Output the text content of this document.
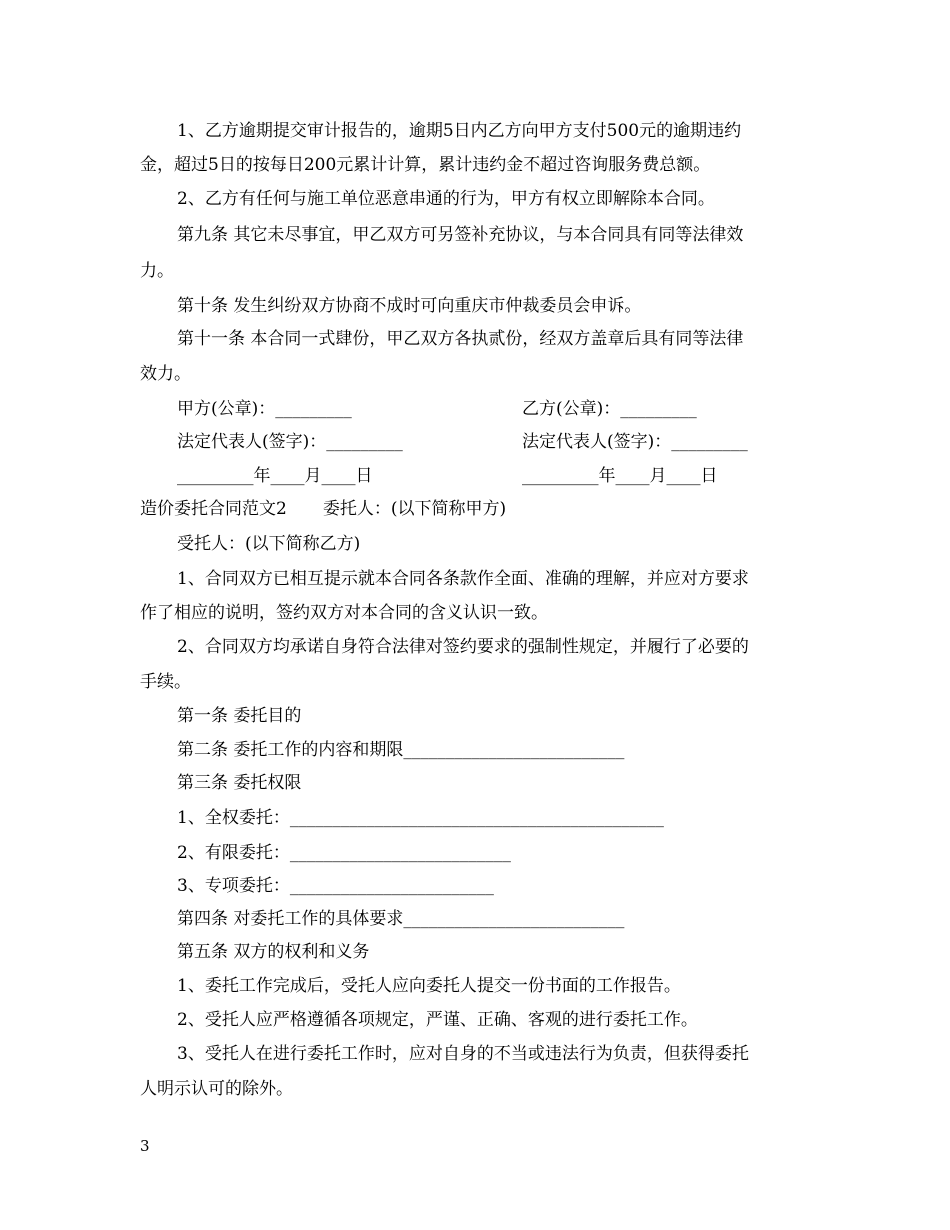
1、乙方逾期提交审计报告的，逾期5日内乙方向甲方支付500元的逾期违约
金，超过5日的按每日200元累计计算，累计违约金不超过咨询服务费总额。
2、乙方有任何与施工单位恶意串通的行为，甲方有权立即解除本合同。
第九条 其它未尽事宜，甲乙双方可另签补充协议，与本合同具有同等法律效
力。
第十条 发生纠纷双方协商不成时可向重庆市仲裁委员会申诉。
第十一条 本合同一式肆份，甲乙双方各执贰份，经双方盖章后具有同等法律
效力。
甲方(公章)：_________	乙方(公章)：_________
法定代表人(签字)：_________	法定代表人(签字)：_________
_________年____月____日	_________年____月____日
造价委托合同范文2 委托人：(以下简称甲方)
受托人：(以下简称乙方)
1、合同双方已相互提示就本合同各条款作全面、准确的理解，并应对方要求
作了相应的说明，签约双方对本合同的含义认识一致。
2、合同双方均承诺自身符合法律对签约要求的强制性规定，并履行了必要的
手续。
第一条 委托目的
第二条 委托工作的内容和期限__________________________
第三条 委托权限
1、全权委托：____________________________________________
2、有限委托：__________________________
3、专项委托：________________________
第四条 对委托工作的具体要求__________________________
第五条 双方的权利和义务
1、委托工作完成后，受托人应向委托人提交一份书面的工作报告。
2、受托人应严格遵循各项规定，严谨、正确、客观的进行委托工作。
3、受托人在进行委托工作时，应对自身的不当或违法行为负责，但获得委托
人明示认可的除外。
3
